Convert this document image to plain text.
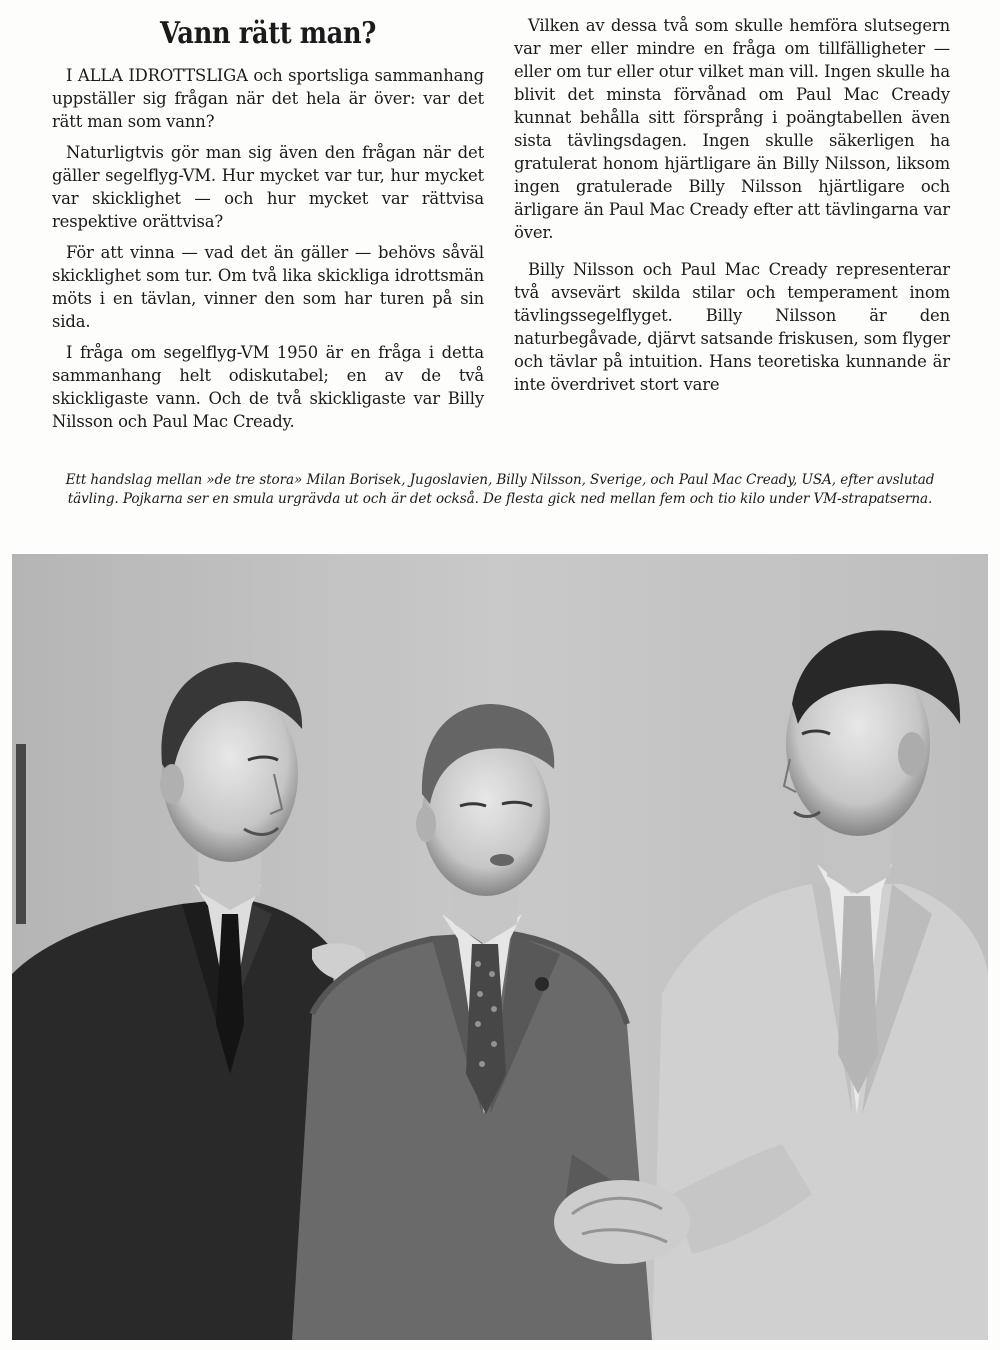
Vann rätt man?

I ALLA IDROTTSLIGA och sportsliga sammanhang uppställer sig frågan när det hela är över: var det rätt man som vann?

Naturligtvis gör man sig även den frågan när det gäller segelflyg-VM. Hur mycket var tur, hur mycket var skicklighet — och hur mycket var rättvisa respektive orättvisa?

För att vinna — vad det än gäller — behövs såväl skicklighet som tur. Om två lika skickliga idrottsmän möts i en tävlan, vinner den som har turen på sin sida.

I fråga om segelflyg-VM 1950 är en fråga i detta sammanhang helt odiskutabel; en av de två skickligaste vann. Och de två skickligaste var Billy Nilsson och Paul Mac Cready.

Vilken av dessa två som skulle hemföra slutsegern var mer eller mindre en fråga om tillfälligheter — eller om tur eller otur vilket man vill. Ingen skulle ha blivit det minsta förvånad om Paul Mac Cready kunnat behålla sitt försprång i poängtabellen även sista tävlingsdagen. Ingen skulle säkerligen ha gratulerat honom hjärtligare än Billy Nilsson, liksom ingen gratulerade Billy Nilsson hjärtligare och ärligare än Paul Mac Cready efter att tävlingarna var över.

Billy Nilsson och Paul Mac Cready representerar två avsevärt skilda stilar och temperament inom tävlingssegelflyget. Billy Nilsson är den naturbegåvade, djärvt satsande friskusen, som flyger och tävlar på intuition. Hans teoretiska kunnande är inte överdrivet stort vare

Ett handslag mellan »de tre stora» Milan Borisek, Jugoslavien, Billy Nilsson, Sverige, och Paul Mac Cready, USA, efter avslutad tävling. Pojkarna ser en smula urgrävda ut och är det också. De flesta gick ned mellan fem och tio kilo under VM-strapatserna.
